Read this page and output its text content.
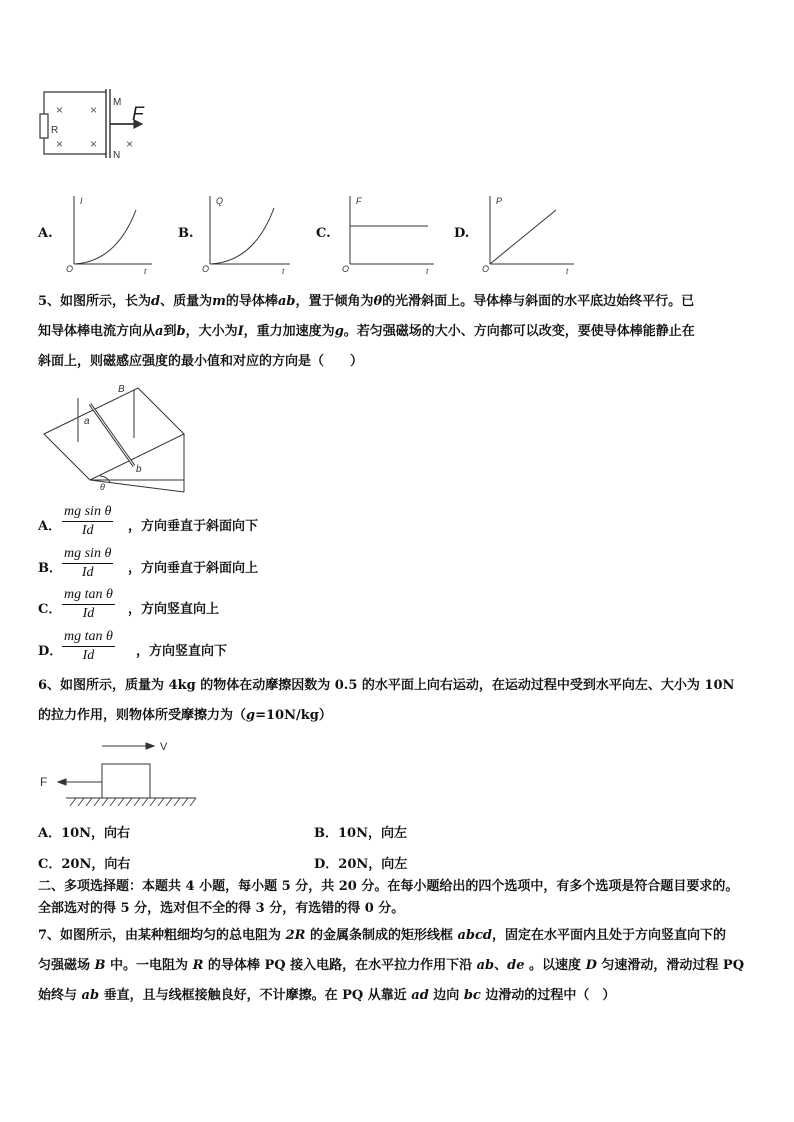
R
× ×
× × ×
M
N
F
A.
I
t
O
B.
Q
t
O
C.
F
t
O
D.
P
t
O
5、如图所示，长为d、质量为m的导体棒ab，置于倾角为θ的光滑斜面上。导体棒与斜面的水平底边始终平行。已
知导体棒电流方向从a到b，大小为I，重力加速度为g。若匀强磁场的大小、方向都可以改变，要使导体棒能静止在
斜面上，则磁感应强度的最小值和对应的方向是（　　）
B
a
b
θ
A． $\frac{\text{mg sin θ}}{Id}$ ，方向垂直于斜面向下
B． $\frac{\text{mg sin θ}}{Id}$ ，方向垂直于斜面向上
C． $\frac{\text{mg tan θ}}{Id}$ ，方向竖直向上
D． $\frac{\text{mg tan θ}}{Id}$ ，方向竖直向下
6、如图所示，质量为 4kg 的物体在动摩擦因数为 0.5 的水平面上向右运动，在运动过程中受到水平向左、大小为 10N
的拉力作用，则物体所受摩擦力为（g=10N/kg）
V
F
A．10N，向右	B．10N，向左
C．20N，向右	D．20N，向左
二、多项选择题：本题共 4 小题，每小题 5 分，共 20 分。在每小题给出的四个选项中，有多个选项是符合题目要求的。
全部选对的得 5 分，选对但不全的得 3 分，有选错的得 0 分。
7、如图所示，由某种粗细均匀的总电阻为 2R 的金属条制成的矩形线框 abcd，固定在水平面内且处于方向竖直向下的
匀强磁场 B 中。一电阻为 R 的导体棒 PQ 接入电路，在水平拉力作用下沿 ab、de 。以速度 D 匀速滑动，滑动过程 PQ
始终与 ab 垂直，且与线框接触良好，不计摩擦。在 PQ 从靠近 ad 边向 bc 边滑动的过程中（　）
